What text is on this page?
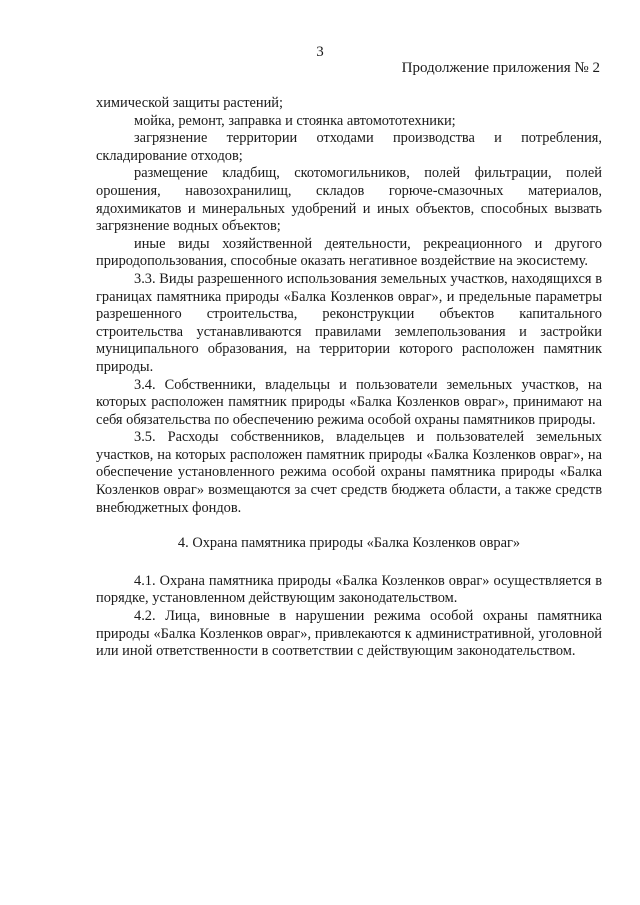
3
Продолжение приложения № 2

химической защиты растений;

мойка, ремонт, заправка и стоянка автомототехники;

загрязнение территории отходами производства и потребления, складирование отходов;

размещение кладбищ, скотомогильников, полей фильтрации, полей орошения, навозохранилищ, складов горюче-смазочных материалов, ядохимикатов и минеральных удобрений и иных объектов, способных вызвать загрязнение водных объектов;

иные виды хозяйственной деятельности, рекреационного и другого природопользования, способные оказать негативное воздействие на экосистему.

3.3. Виды разрешенного использования земельных участков, находящихся в границах памятника природы «Балка Козленков овраг», и предельные параметры разрешенного строительства, реконструкции объектов капитального строительства устанавливаются правилами землепользования и застройки муниципального образования, на территории которого расположен памятник природы.

3.4. Собственники, владельцы и пользователи земельных участков, на которых расположен памятник природы «Балка Козленков овраг», принимают на себя обязательства по обеспечению режима особой охраны памятников природы.

3.5. Расходы собственников, владельцев и пользователей земельных участков, на которых расположен памятник природы «Балка Козленков овраг», на обеспечение установленного режима особой охраны памятника природы «Балка Козленков овраг» возмещаются за счет средств бюджета области, а также средств внебюджетных фондов.

4. Охрана памятника природы «Балка Козленков овраг»

4.1. Охрана памятника природы «Балка Козленков овраг» осуществляется в порядке, установленном действующим законодательством.

4.2. Лица, виновные в нарушении режима особой охраны памятника природы «Балка Козленков овраг», привлекаются к административной, уголовной или иной ответственности в соответствии с действующим законодательством.
